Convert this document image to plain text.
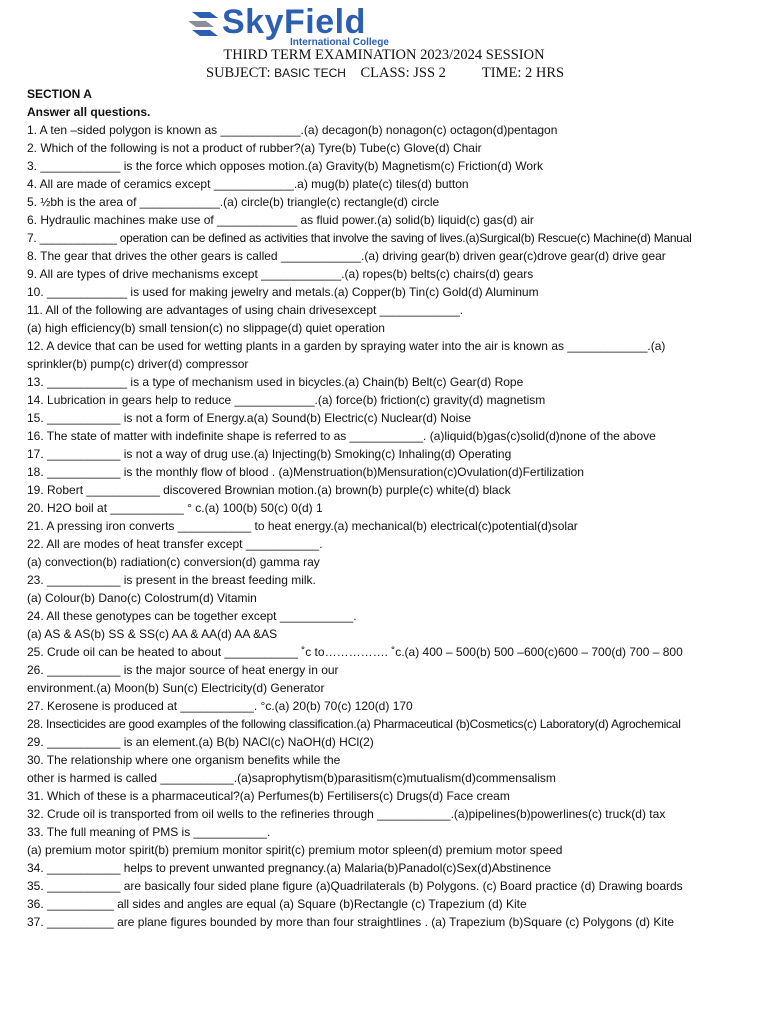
SkyField
International College
THIRD TERM EXAMINATION 2023/2024 SESSION
SUBJECT: BASIC TECH CLASS: JSS 2 TIME: 2 HRS
SECTION A
Answer all questions.
1. A ten –sided polygon is known as ____________.(a) decagon(b) nonagon(c) octagon(d)pentagon
2. Which of the following is not a product of rubber?(a) Tyre(b) Tube(c) Glove(d) Chair
3. ____________ is the force which opposes motion.(a) Gravity(b) Magnetism(c) Friction(d) Work
4. All are made of ceramics except ____________.a) mug(b) plate(c) tiles(d) button
5. ½bh is the area of ____________.(a) circle(b) triangle(c) rectangle(d) circle
6. Hydraulic machines make use of ____________ as fluid power.(a) solid(b) liquid(c) gas(d) air
7. ____________ operation can be defined as activities that involve the saving of lives.(a)Surgical(b) Rescue(c) Machine(d) Manual
8. The gear that drives the other gears is called ____________.(a) driving gear(b) driven gear(c)drove gear(d) drive gear
9. All are types of drive mechanisms except ____________.(a) ropes(b) belts(c) chairs(d) gears
10. ____________ is used for making jewelry and metals.(a) Copper(b) Tin(c) Gold(d) Aluminum
11. All of the following are advantages of using chain drivesexcept ____________.
(a) high efficiency(b) small tension(c) no slippage(d) quiet operation
12. A device that can be used for wetting plants in a garden by spraying water into the air is known as ____________.(a)
sprinkler(b) pump(c) driver(d) compressor
13. ____________ is a type of mechanism used in bicycles.(a) Chain(b) Belt(c) Gear(d) Rope
14. Lubrication in gears help to reduce ____________.(a) force(b) friction(c) gravity(d) magnetism
15. ___________ is not a form of Energy.a(a) Sound(b) Electric(c) Nuclear(d) Noise
16. The state of matter with indefinite shape is referred to as ___________. (a)liquid(b)gas(c)solid(d)none of the above
17. ___________ is not a way of drug use.(a) Injecting(b) Smoking(c) Inhaling(d) Operating
18. ___________ is the monthly flow of blood . (a)Menstruation(b)Mensuration(c)Ovulation(d)Fertilization
19. Robert ___________ discovered Brownian motion.(a) brown(b) purple(c) white(d) black
20. H2O boil at ___________ ° c.(a) 100(b) 50(c) 0(d) 1
21. A pressing iron converts ___________ to heat energy.(a) mechanical(b) electrical(c)potential(d)solar
22. All are modes of heat transfer except ___________.
(a) convection(b) radiation(c) conversion(d) gamma ray
23. ___________ is present in the breast feeding milk.
(a) Colour(b) Dano(c) Colostrum(d) Vitamin
24. All these genotypes can be together except ___________.
(a) AS & AS(b) SS & SS(c) AA & AA(d) AA &AS
25. Crude oil can be heated to about ___________ ˚c to……………. ˚c.(a) 400 – 500(b) 500 –600(c)600 – 700(d) 700 – 800
26. ___________ is the major source of heat energy in our
environment.(a) Moon(b) Sun(c) Electricity(d) Generator
27. Kerosene is produced at ___________. °c.(a) 20(b) 70(c) 120(d) 170
28. Insecticides are good examples of the following classification.(a) Pharmaceutical (b)Cosmetics(c) Laboratory(d) Agrochemical
29. ___________ is an element.(a) B(b) NACl(c) NaOH(d) HCl(2)
30. The relationship where one organism benefits while the
other is harmed is called ___________.(a)saprophytism(b)parasitism(c)mutualism(d)commensalism
31. Which of these is a pharmaceutical?(a) Perfumes(b) Fertilisers(c) Drugs(d) Face cream
32. Crude oil is transported from oil wells to the refineries through ___________.(a)pipelines(b)powerlines(c) truck(d) tax
33. The full meaning of PMS is ___________.
(a) premium motor spirit(b) premium monitor spirit(c) premium motor spleen(d) premium motor speed
34. ___________ helps to prevent unwanted pregnancy.(a) Malaria(b)Panadol(c)Sex(d)Abstinence
35. ___________ are basically four sided plane figure (a)Quadrilaterals (b) Polygons. (c) Board practice (d) Drawing boards
36. __________ all sides and angles are equal (a) Square (b)Rectangle (c) Trapezium (d) Kite
37. __________ are plane figures bounded by more than four straightlines . (a) Trapezium (b)Square (c) Polygons (d) Kite
